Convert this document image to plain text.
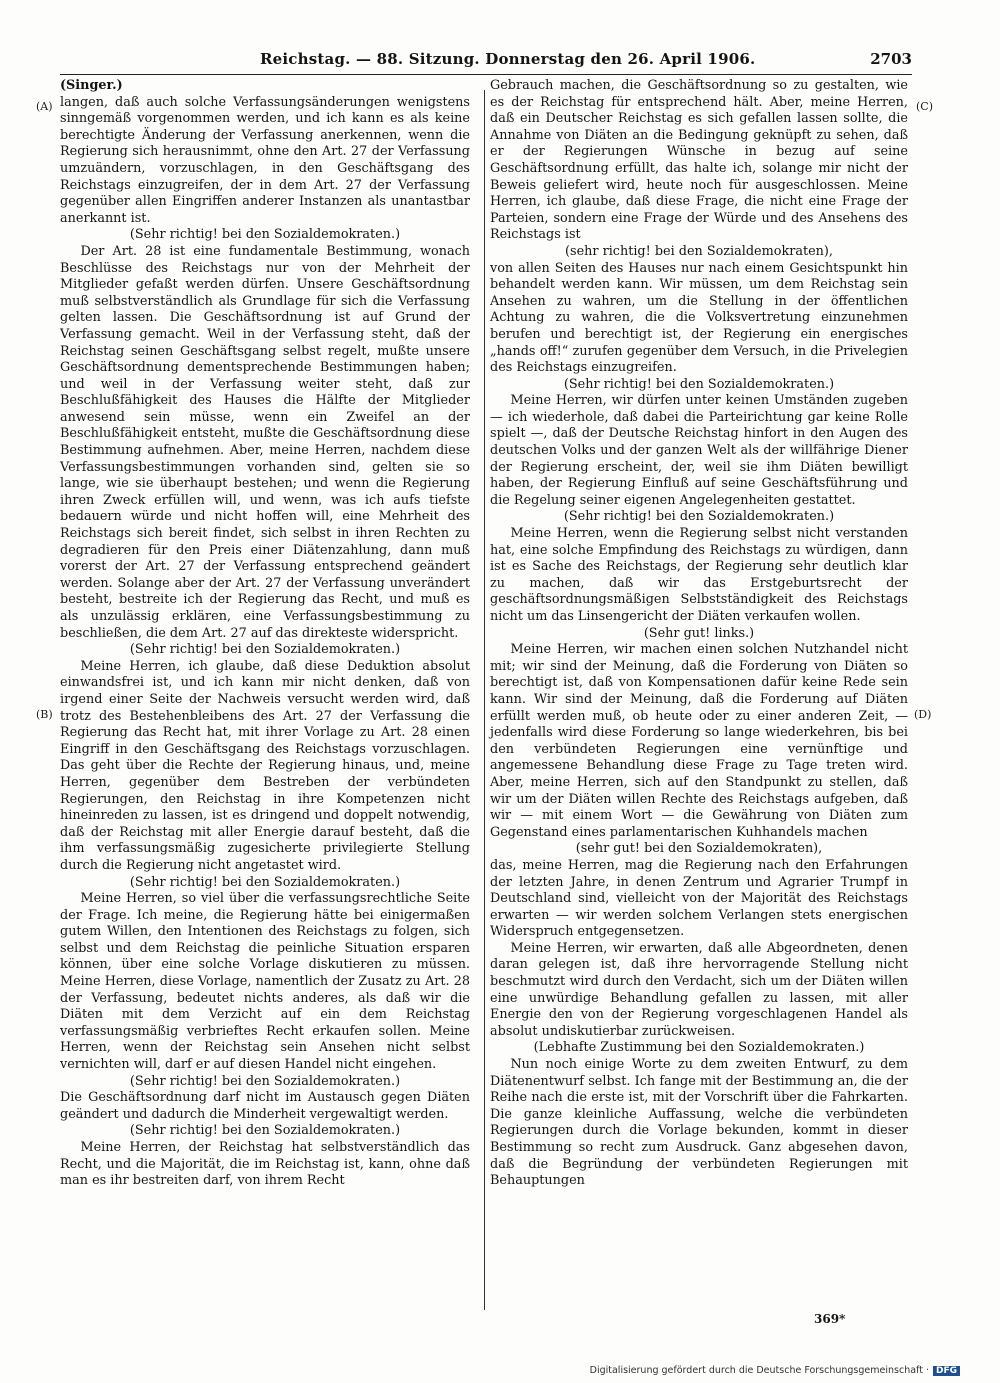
Reichstag. — 88. Sitzung. Donnerstag den 26. April 1906.	2703
(A)
(B)
(C)
(D)

(Singer.)

langen, daß auch solche Verfassungsänderungen wenigstens sinngemäß vorgenommen werden, und ich kann es als keine berechtigte Änderung der Verfassung anerkennen, wenn die Regierung sich herausnimmt, ohne den Art. 27 der Verfassung umzuändern, vorzuschlagen, in den Geschäftsgang des Reichstags einzugreifen, der in dem Art. 27 der Verfassung gegenüber allen Eingriffen anderer Instanzen als unantastbar anerkannt ist.

(Sehr richtig! bei den Sozialdemokraten.)

Der Art. 28 ist eine fundamentale Bestimmung, wonach Beschlüsse des Reichstags nur von der Mehrheit der Mitglieder gefaßt werden dürfen. Unsere Geschäftsordnung muß selbstverständlich als Grundlage für sich die Verfassung gelten lassen. Die Geschäftsordnung ist auf Grund der Verfassung gemacht. Weil in der Verfassung steht, daß der Reichstag seinen Geschäftsgang selbst regelt, mußte unsere Geschäftsordnung dementsprechende Bestimmungen haben; und weil in der Verfassung weiter steht, daß zur Beschlußfähigkeit des Hauses die Hälfte der Mitglieder anwesend sein müsse, wenn ein Zweifel an der Beschlußfähigkeit entsteht, mußte die Geschäftsordnung diese Bestimmung aufnehmen. Aber, meine Herren, nachdem diese Verfassungsbestimmungen vorhanden sind, gelten sie so lange, wie sie überhaupt bestehen; und wenn die Regierung ihren Zweck erfüllen will, und wenn, was ich aufs tiefste bedauern würde und nicht hoffen will, eine Mehrheit des Reichstags sich bereit findet, sich selbst in ihren Rechten zu degradieren für den Preis einer Diätenzahlung, dann muß vorerst der Art. 27 der Verfassung entsprechend geändert werden. Solange aber der Art. 27 der Verfassung unverändert besteht, bestreite ich der Regierung das Recht, und muß es als unzulässig erklären, eine Verfassungsbestimmung zu beschließen, die dem Art. 27 auf das direkteste widerspricht.

(Sehr richtig! bei den Sozialdemokraten.)

Meine Herren, ich glaube, daß diese Deduktion absolut einwandsfrei ist, und ich kann mir nicht denken, daß von irgend einer Seite der Nachweis versucht werden wird, daß trotz des Bestehenbleibens des Art. 27 der Verfassung die Regierung das Recht hat, mit ihrer Vorlage zu Art. 28 einen Eingriff in den Geschäftsgang des Reichstags vorzuschlagen. Das geht über die Rechte der Regierung hinaus, und, meine Herren, gegenüber dem Bestreben der verbündeten Regierungen, den Reichstag in ihre Kompetenzen nicht hineinreden zu lassen, ist es dringend und doppelt notwendig, daß der Reichstag mit aller Energie darauf besteht, daß die ihm verfassungsmäßig zugesicherte privilegierte Stellung durch die Regierung nicht angetastet wird.

(Sehr richtig! bei den Sozialdemokraten.)

Meine Herren, so viel über die verfassungsrechtliche Seite der Frage. Ich meine, die Regierung hätte bei einigermaßen gutem Willen, den Intentionen des Reichstags zu folgen, sich selbst und dem Reichstag die peinliche Situation ersparen können, über eine solche Vorlage diskutieren zu müssen. Meine Herren, diese Vorlage, namentlich der Zusatz zu Art. 28 der Verfassung, bedeutet nichts anderes, als daß wir die Diäten mit dem Verzicht auf ein dem Reichstag verfassungsmäßig verbrieftes Recht erkaufen sollen. Meine Herren, wenn der Reichstag sein Ansehen nicht selbst vernichten will, darf er auf diesen Handel nicht eingehen.

(Sehr richtig! bei den Sozialdemokraten.)

Die Geschäftsordnung darf nicht im Austausch gegen Diäten geändert und dadurch die Minderheit vergewaltigt werden.

(Sehr richtig! bei den Sozialdemokraten.)

Meine Herren, der Reichstag hat selbstverständlich das Recht, und die Majorität, die im Reichstag ist, kann, ohne daß man es ihr bestreiten darf, von ihrem Recht

Gebrauch machen, die Geschäftsordnung so zu gestalten, wie es der Reichstag für entsprechend hält. Aber, meine Herren, daß ein Deutscher Reichstag es sich gefallen lassen sollte, die Annahme von Diäten an die Bedingung geknüpft zu sehen, daß er der Regierungen Wünsche in bezug auf seine Geschäftsordnung erfüllt, das halte ich, solange mir nicht der Beweis geliefert wird, heute noch für ausgeschlossen. Meine Herren, ich glaube, daß diese Frage, die nicht eine Frage der Parteien, sondern eine Frage der Würde und des Ansehens des Reichstags ist

(sehr richtig! bei den Sozialdemokraten),

von allen Seiten des Hauses nur nach einem Gesichtspunkt hin behandelt werden kann. Wir müssen, um dem Reichstag sein Ansehen zu wahren, um die Stellung in der öffentlichen Achtung zu wahren, die die Volksvertretung einzunehmen berufen und berechtigt ist, der Regierung ein energisches „hands off!“ zurufen gegenüber dem Versuch, in die Privelegien des Reichstags einzugreifen.

(Sehr richtig! bei den Sozialdemokraten.)

Meine Herren, wir dürfen unter keinen Umständen zugeben — ich wiederhole, daß dabei die Parteirichtung gar keine Rolle spielt —, daß der Deutsche Reichstag hinfort in den Augen des deutschen Volks und der ganzen Welt als der willfährige Diener der Regierung erscheint, der, weil sie ihm Diäten bewilligt haben, der Regierung Einfluß auf seine Geschäftsführung und die Regelung seiner eigenen Angelegenheiten gestattet.

(Sehr richtig! bei den Sozialdemokraten.)

Meine Herren, wenn die Regierung selbst nicht verstanden hat, eine solche Empfindung des Reichstags zu würdigen, dann ist es Sache des Reichstags, der Regierung sehr deutlich klar zu machen, daß wir das Erstgeburtsrecht der geschäftsordnungsmäßigen Selbstständigkeit des Reichstags nicht um das Linsengericht der Diäten verkaufen wollen.

(Sehr gut! links.)

Meine Herren, wir machen einen solchen Nutzhandel nicht mit; wir sind der Meinung, daß die Forderung von Diäten so berechtigt ist, daß von Kompensationen dafür keine Rede sein kann. Wir sind der Meinung, daß die Forderung auf Diäten erfüllt werden muß, ob heute oder zu einer anderen Zeit, — jedenfalls wird diese Forderung so lange wiederkehren, bis bei den verbündeten Regierungen eine vernünftige und angemessene Behandlung diese Frage zu Tage treten wird. Aber, meine Herren, sich auf den Standpunkt zu stellen, daß wir um der Diäten willen Rechte des Reichstags aufgeben, daß wir — mit einem Wort — die Gewährung von Diäten zum Gegenstand eines parlamentarischen Kuhhandels machen

(sehr gut! bei den Sozialdemokraten),

das, meine Herren, mag die Regierung nach den Erfahrungen der letzten Jahre, in denen Zentrum und Agrarier Trumpf in Deutschland sind, vielleicht von der Majorität des Reichstags erwarten — wir werden solchem Verlangen stets energischen Widerspruch entgegensetzen.

Meine Herren, wir erwarten, daß alle Abgeordneten, denen daran gelegen ist, daß ihre hervorragende Stellung nicht beschmutzt wird durch den Verdacht, sich um der Diäten willen eine unwürdige Behandlung gefallen zu lassen, mit aller Energie den von der Regierung vorgeschlagenen Handel als absolut undiskutierbar zurückweisen.

(Lebhafte Zustimmung bei den Sozialdemokraten.)

Nun noch einige Worte zu dem zweiten Entwurf, zu dem Diätenentwurf selbst. Ich fange mit der Bestimmung an, die der Reihe nach die erste ist, mit der Vorschrift über die Fahrkarten. Die ganze kleinliche Auffassung, welche die verbündeten Regierungen durch die Vorlage bekunden, kommt in dieser Bestimmung so recht zum Ausdruck. Ganz abgesehen davon, daß die Begründung der verbündeten Regierungen mit Behauptungen

369*
Digitalisierung gefördert durch die Deutsche Forschungsgemeinschaft · DFG
